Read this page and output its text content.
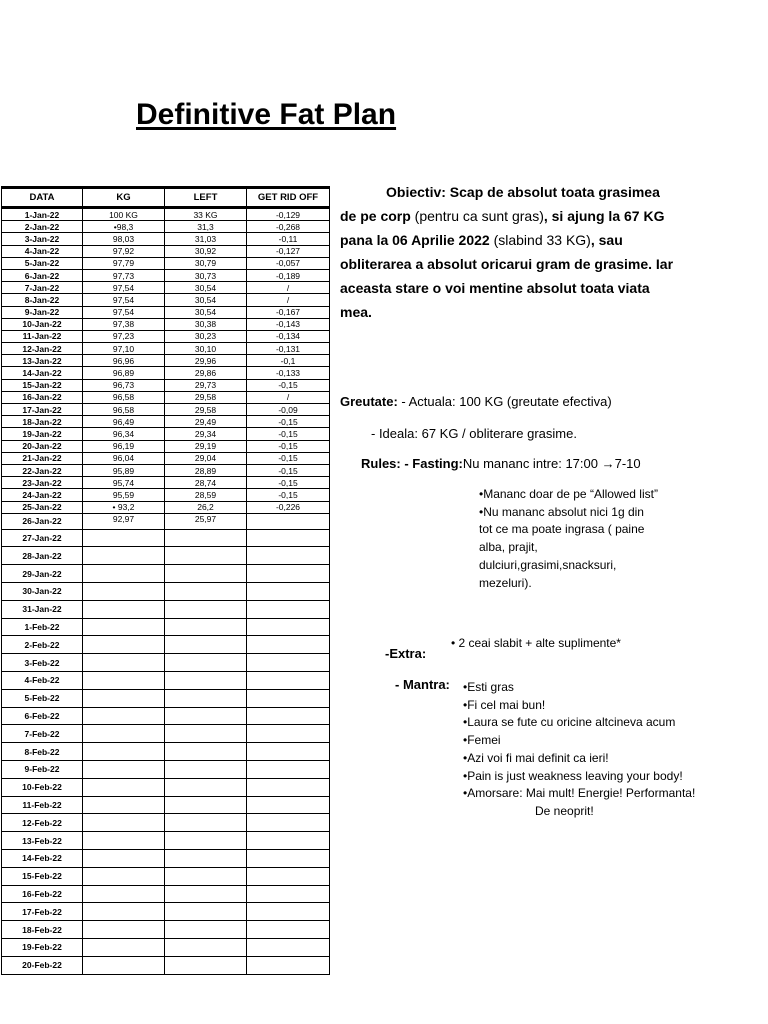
Definitive Fat Plan
DATA	KG	LEFT	GET RID OFF
1-Jan-22	100 KG	33 KG	-0,129
2-Jan-22	•98,3	31,3	-0,268
3-Jan-22	98,03	31,03	-0,11
4-Jan-22	97,92	30,92	-0,127
5-Jan-22	97,79	30,79	-0,057
6-Jan-22	97,73	30,73	-0,189
7-Jan-22	97,54	30,54	/
8-Jan-22	97,54	30,54	/
9-Jan-22	97,54	30,54	-0,167
10-Jan-22	97,38	30,38	-0,143
11-Jan-22	97,23	30,23	-0,134
12-Jan-22	97,10	30,10	-0,131
13-Jan-22	96,96	29,96	-0,1
14-Jan-22	96,89	29,86	-0,133
15-Jan-22	96,73	29,73	-0,15
16-Jan-22	96,58	29,58	/
17-Jan-22	96,58	29,58	-0,09
18-Jan-22	96,49	29,49	-0,15
19-Jan-22	96,34	29,34	-0,15
20-Jan-22	96,19	29,19	-0,15
21-Jan-22	96,04	29,04	-0,15
22-Jan-22	95,89	28,89	-0,15
23-Jan-22	95,74	28,74	-0,15
24-Jan-22	95,59	28,59	-0,15
25-Jan-22	• 93,2	26,2	-0,226
26-Jan-22	92,97	25,97	
27-Jan-22			
28-Jan-22			
29-Jan-22			
30-Jan-22			
31-Jan-22			
1-Feb-22			
2-Feb-22			
3-Feb-22			
4-Feb-22			
5-Feb-22			
6-Feb-22			
7-Feb-22			
8-Feb-22			
9-Feb-22			
10-Feb-22			
11-Feb-22			
12-Feb-22			
13-Feb-22			
14-Feb-22			
15-Feb-22			
16-Feb-22			
17-Feb-22			
18-Feb-22			
19-Feb-22			
20-Feb-22			
Obiectiv: Scap de absolut toata grasimea de pe corp (pentru ca sunt gras), si ajung la 67 KG pana la 06 Aprilie 2022 (slabind 33 KG), sau obliterarea a absolut oricarui gram de grasime. Iar aceasta stare o voi mentine absolut toata viata mea.
Greutate: - Actuala: 100 KG (greutate efectiva)
- Ideala: 67 KG / obliterare grasime.
Rules: - Fasting:Nu mananc intre: 17:00 →7-10
•Mananc doar de pe “Allowed list”
•Nu mananc absolut nici 1g din tot ce ma poate ingrasa ( paine alba, prajit, dulciuri,grasimi,snacksuri, mezeluri).
-Extra:
• 2 ceai slabit + alte suplimente*
- Mantra: •Esti gras
•Fi cel mai bun!
•Laura se fute cu oricine altcineva acum
•Femei
•Azi voi fi mai definit ca ieri!
•Pain is just weakness leaving your body!
•Amorsare: Mai mult! Energie! Performanta!
De neoprit!
